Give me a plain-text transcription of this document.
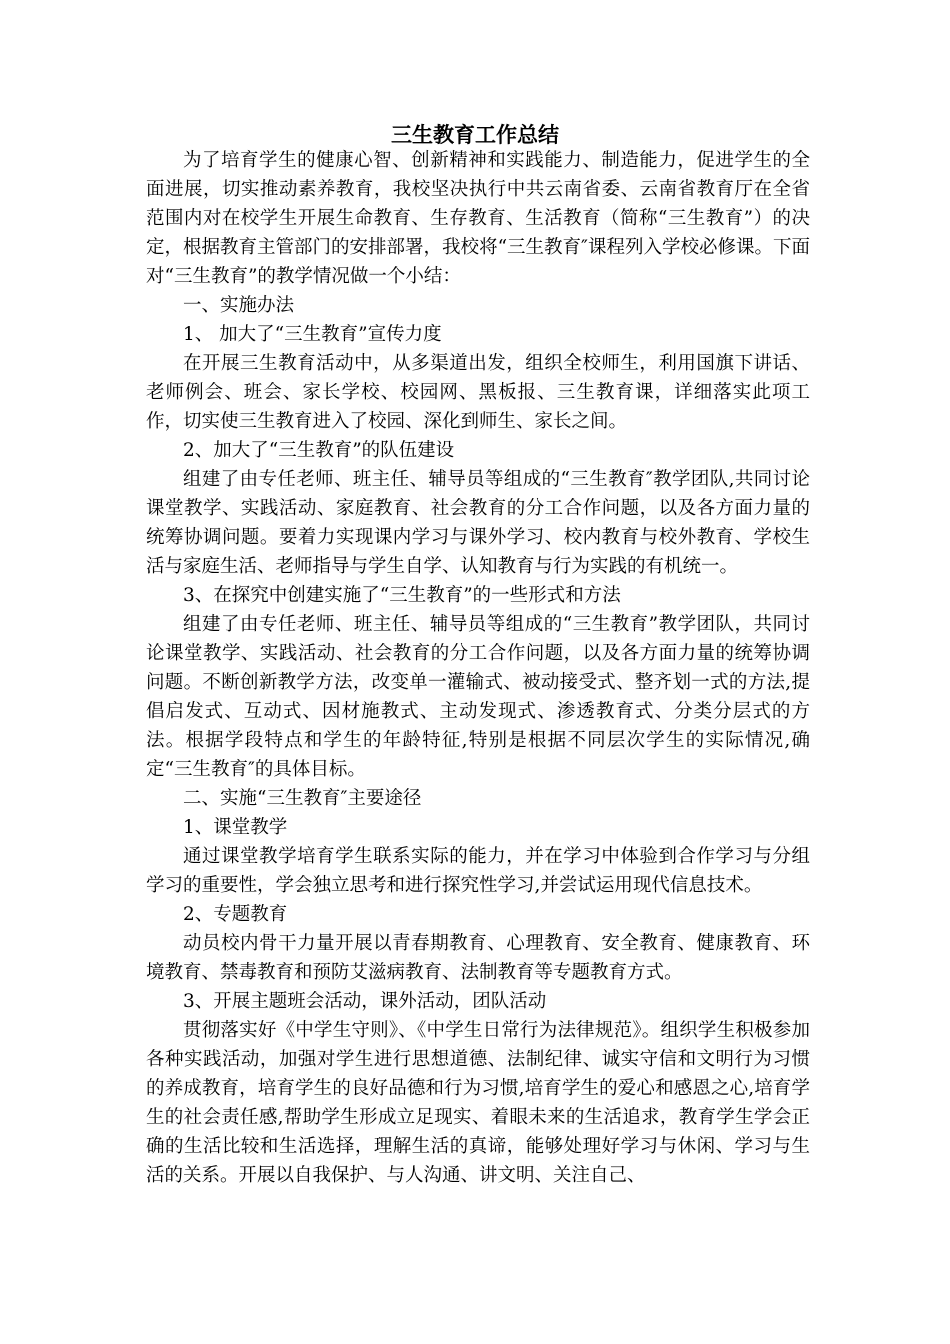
三生教育工作总结

为了培育学生的健康心智、创新精神和实践能力、制造能力，促进学生的全面进展，切实推动素养教育，我校坚决执行中共云南省委、云南省教育厅在全省范围内对在校学生开展生命教育、生存教育、生活教育（简称“三生教育”）的决定，根据教育主管部门的安排部署，我校将“三生教育″课程列入学校必修课。下面对“三生教育”的教学情况做一个小结：

一、实施办法

1、 加大了“三生教育”宣传力度

在开展三生教育活动中，从多渠道出发，组织全校师生，利用国旗下讲话、老师例会、班会、家长学校、校园网、黑板报、三生教育课，详细落实此项工作，切实使三生教育进入了校园、深化到师生、家长之间。

2、加大了“三生教育”的队伍建设

组建了由专任老师、班主任、辅导员等组成的“三生教育″教学团队,共同讨论课堂教学、实践活动、家庭教育、社会教育的分工合作问题，以及各方面力量的统筹协调问题。要着力实现课内学习与课外学习、校内教育与校外教育、学校生活与家庭生活、老师指导与学生自学、认知教育与行为实践的有机统一。

3、在探究中创建实施了“三生教育”的一些形式和方法

组建了由专任老师、班主任、辅导员等组成的“三生教育”教学团队，共同讨论课堂教学、实践活动、社会教育的分工合作问题，以及各方面力量的统筹协调问题。不断创新教学方法，改变单一灌输式、被动接受式、整齐划一式的方法,提倡启发式、互动式、因材施教式、主动发现式、渗透教育式、分类分层式的方法。根据学段特点和学生的年龄特征,特别是根据不同层次学生的实际情况,确定“三生教育″的具体目标。

二、实施“三生教育″主要途径

1、课堂教学

通过课堂教学培育学生联系实际的能力，并在学习中体验到合作学习与分组学习的重要性，学会独立思考和进行探究性学习,并尝试运用现代信息技术。

2、专题教育

动员校内骨干力量开展以青春期教育、心理教育、安全教育、健康教育、环境教育、禁毒教育和预防艾滋病教育、法制教育等专题教育方式。

3、开展主题班会活动，课外活动，团队活动

贯彻落实好《中学生守则》、《中学生日常行为法律规范》。组织学生积极参加各种实践活动，加强对学生进行思想道德、法制纪律、诚实守信和文明行为习惯的养成教育，培育学生的良好品德和行为习惯,培育学生的爱心和感恩之心,培育学生的社会责任感,帮助学生形成立足现实、着眼未来的生活追求，教育学生学会正确的生活比较和生活选择，理解生活的真谛，能够处理好学习与休闲、学习与生活的关系。开展以自我保护、与人沟通、讲文明、关注自己、
